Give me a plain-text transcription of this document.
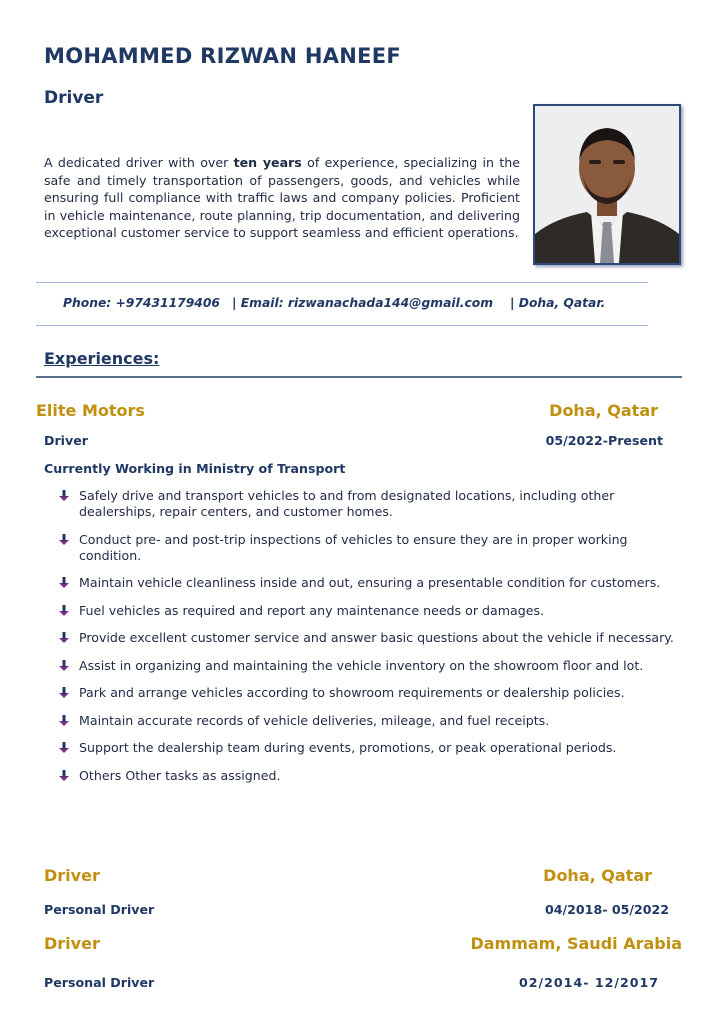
MOHAMMED RIZWAN HANEEF
Driver
A dedicated driver with over ten years of experience, specializing in the safe and timely transportation of passengers, goods, and vehicles while ensuring full compliance with traffic laws and company policies. Proficient in vehicle maintenance, route planning, trip documentation, and delivering exceptional customer service to support seamless and efficient operations.
Phone: +97431179406 | Email: rizwanachada144@gmail.com | Doha, Qatar.
Experiences:
Elite Motors	Doha, Qatar
Driver	05/2022-Present
Currently Working in Ministry of Transport
Safely drive and transport vehicles to and from designated locations, including other dealerships, repair centers, and customer homes.
Conduct pre- and post-trip inspections of vehicles to ensure they are in proper working condition.
Maintain vehicle cleanliness inside and out, ensuring a presentable condition for customers.
Fuel vehicles as required and report any maintenance needs or damages.
Provide excellent customer service and answer basic questions about the vehicle if necessary.
Assist in organizing and maintaining the vehicle inventory on the showroom floor and lot.
Park and arrange vehicles according to showroom requirements or dealership policies.
Maintain accurate records of vehicle deliveries, mileage, and fuel receipts.
Support the dealership team during events, promotions, or peak operational periods.
Others Other tasks as assigned.
Driver	Doha, Qatar
Personal Driver	04/2018- 05/2022
Driver	Dammam, Saudi Arabia
Personal Driver	02/2014- 12/2017
